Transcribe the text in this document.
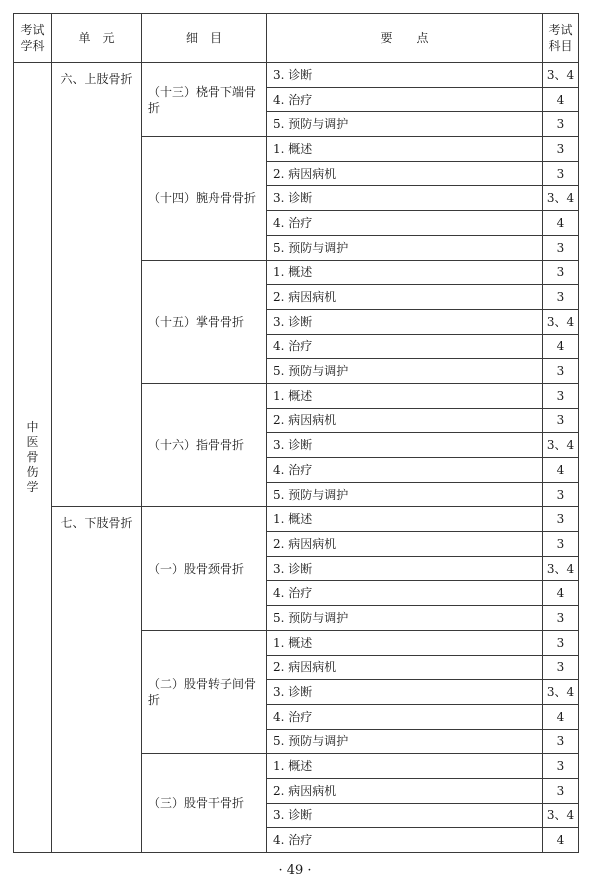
考试学科	单　元	细　目	要　　点	考试科目
中医骨伤学	六、上肢骨折	（十三）桡骨下端骨折	3. 诊断	3、4
			4. 治疗	4
			5. 预防与调护	3
		（十四）腕舟骨骨折	1. 概述	3
			2. 病因病机	3
			3. 诊断	3、4
			4. 治疗	4
			5. 预防与调护	3
		（十五）掌骨骨折	1. 概述	3
			2. 病因病机	3
			3. 诊断	3、4
			4. 治疗	4
			5. 预防与调护	3
		（十六）指骨骨折	1. 概述	3
			2. 病因病机	3
			3. 诊断	3、4
			4. 治疗	4
			5. 预防与调护	3
	七、下肢骨折	（一）股骨颈骨折	1. 概述	3
			2. 病因病机	3
			3. 诊断	3、4
			4. 治疗	4
			5. 预防与调护	3
		（二）股骨转子间骨折	1. 概述	3
			2. 病因病机	3
			3. 诊断	3、4
			4. 治疗	4
			5. 预防与调护	3
		（三）股骨干骨折	1. 概述	3
			2. 病因病机	3
			3. 诊断	3、4
			4. 治疗	4
· 49 ·
